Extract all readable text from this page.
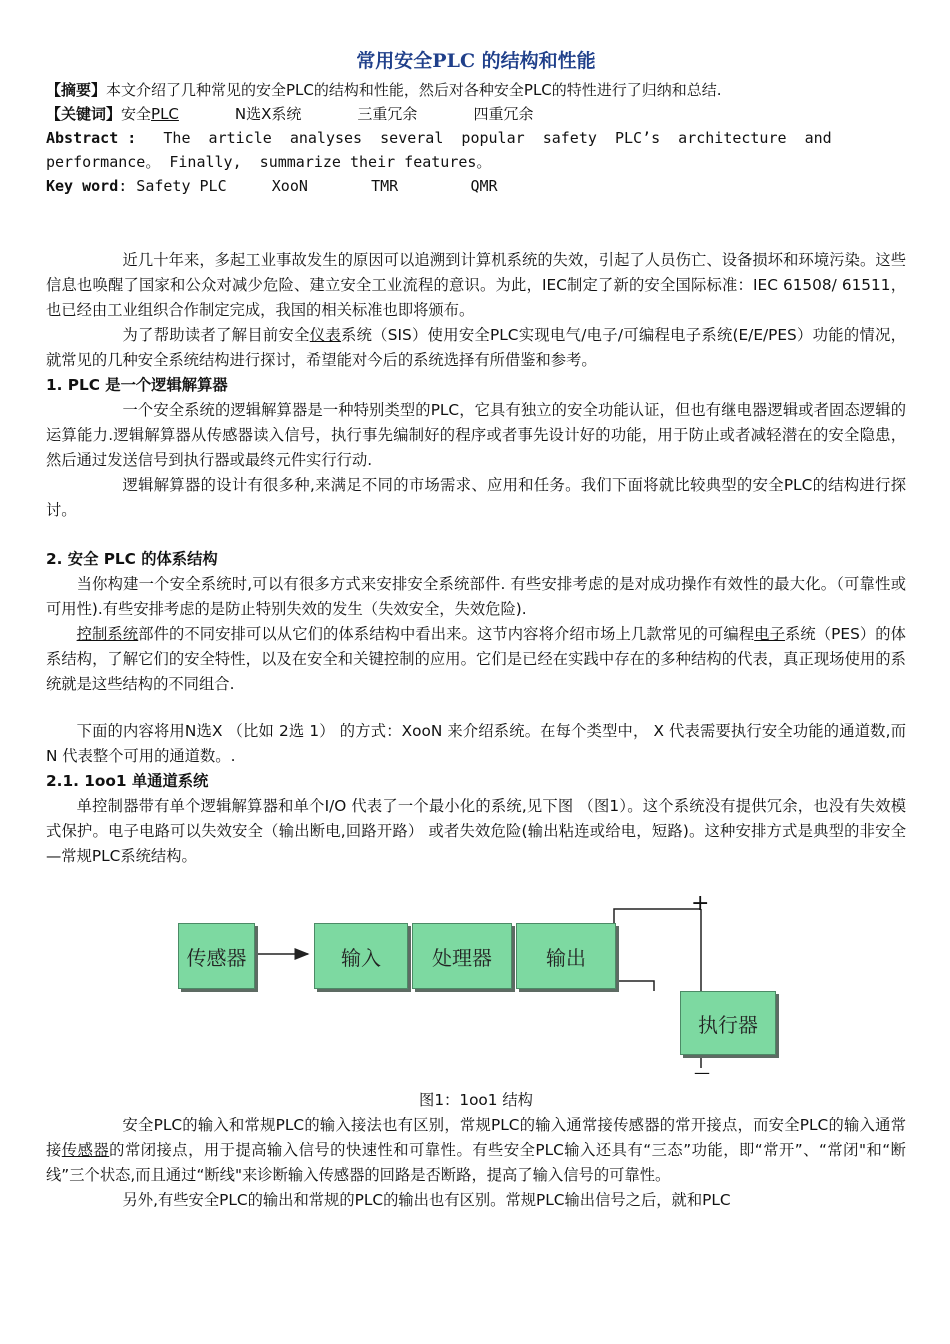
常用安全PLC 的结构和性能
【摘要】本文介绍了几种常见的安全PLC的结构和性能，然后对各种安全PLC的特性进行了归纳和总结.
【关键词】安全PLC	N选X系统	三重冗余	四重冗余
Abstract : The  article  analyses  several  popular  safety  PLC’s  architecture  and
performance。 Finally,  summarize their features。
Key word: Safety PLC	XooN	TMR	QMR

近几十年来，多起工业事故发生的原因可以追溯到计算机系统的失效，引起了人员伤亡、设备损坏和环境污染。这些信息也唤醒了国家和公众对减少危险、建立安全工业流程的意识。为此，IEC制定了新的安全国际标准：IEC 61508/ 61511，也已经由工业组织合作制定完成，我国的相关标准也即将颁布。

为了帮助读者了解目前安全仪表系统（SIS）使用安全PLC实现电气/电子/可编程电子系统(E/E/PES）功能的情况，就常见的几种安全系统结构进行探讨，希望能对今后的系统选择有所借鉴和参考。

1. PLC 是一个逻辑解算器

一个安全系统的逻辑解算器是一种特别类型的PLC，它具有独立的安全功能认证，但也有继电器逻辑或者固态逻辑的运算能力.逻辑解算器从传感器读入信号，执行事先编制好的程序或者事先设计好的功能，用于防止或者减轻潜在的安全隐患，然后通过发送信号到执行器或最终元件实行行动.

逻辑解算器的设计有很多种,来满足不同的市场需求、应用和任务。我们下面将就比较典型的安全PLC的结构进行探讨。

2. 安全 PLC 的体系结构

当你构建一个安全系统时,可以有很多方式来安排安全系统部件. 有些安排考虑的是对成功操作有效性的最大化。（可靠性或可用性).有些安排考虑的是防止特别失效的发生（失效安全，失效危险).

控制系统部件的不同安排可以从它们的体系结构中看出来。这节内容将介绍市场上几款常见的可编程电子系统（PES）的体系结构，了解它们的安全特性，以及在安全和关键控制的应用。它们是已经在实践中存在的多种结构的代表，真正现场使用的系统就是这些结构的不同组合.

下面的内容将用N选X （比如 2选 1） 的方式：XooN 来介绍系统。在每个类型中， X 代表需要执行安全功能的通道数,而 N 代表整个可用的通道数。.

2.1. 1oo1 单通道系统

单控制器带有单个逻辑解算器和单个I/O 代表了一个最小化的系统,见下图 （图1）。这个系统没有提供冗余，也没有失效模式保护。电子电路可以失效安全（输出断电,回路开路） 或者失效危险(输出粘连或给电，短路)。这种安排方式是典型的非安全—常规PLC系统结构。

传感器	输入	处理器	输出
执行器
+
—

图1：1oo1 结构

安全PLC的输入和常规PLC的输入接法也有区别，常规PLC的输入通常接传感器的常开接点，而安全PLC的输入通常接传感器的常闭接点，用于提高输入信号的快速性和可靠性。有些安全PLC输入还具有“三态”功能，即“常开”、“常闭"和“断线”三个状态,而且通过“断线"来诊断输入传感器的回路是否断路，提高了输入信号的可靠性。

另外,有些安全PLC的输出和常规的PLC的输出也有区别。常规PLC输出信号之后，就和PLC
